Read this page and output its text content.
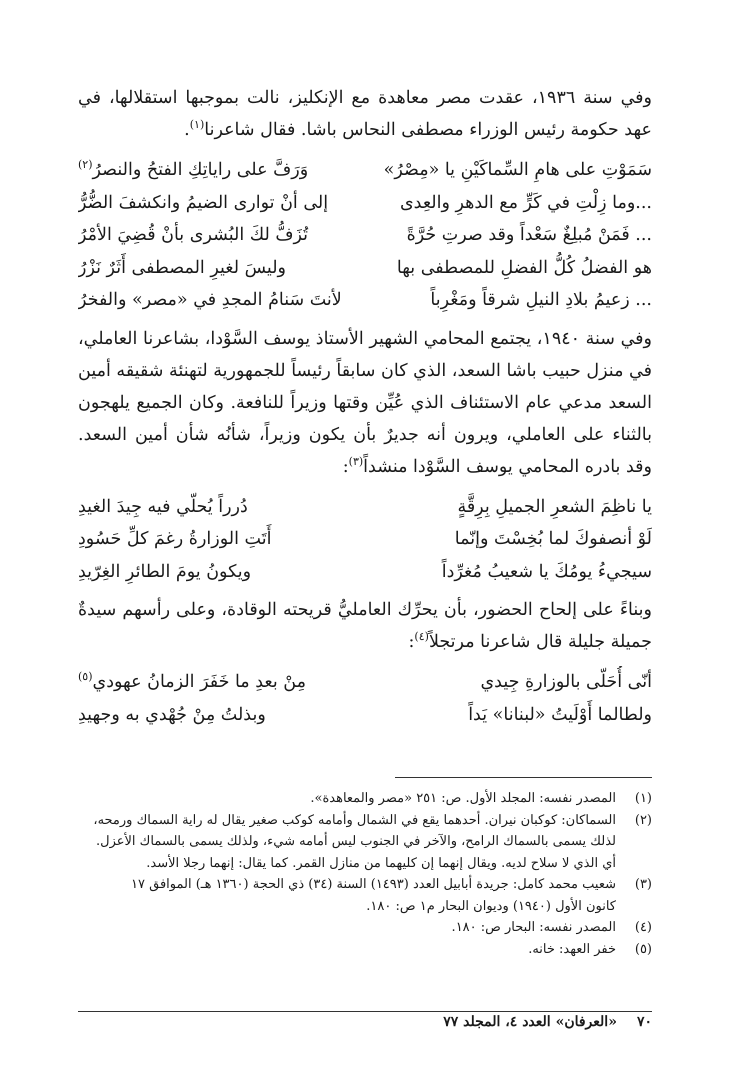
وفي سنة ١٩٣٦، عقدت مصر معاهدة مع الإنكليز، نالت بموجبها استقلالها، في عهد حكومة رئيس الوزراء مصطفى النحاس باشا. فقال شاعرنا$^{(١)}$.

سَمَوْتِ على هامِ السِّماكَيْنِ يا «مِصْرُ»
وَرَفَّ على راياتِكِ الفتحُ والنصرُ$^{(٢)}$
...وما زِلْتِ في كَرٍّ مع الدهرِ والعِدى
إلى أنْ توارى الضيمُ وانكشفَ الضُّرُّ
... فَمَنْ مُبلِغٌ سَعْداً وقد صرتِ حُرَّةً
تُزَفُّ لكَ البُشرى بأنْ قُضِيَ الأمْرُ
هو الفضلُ كُلُّ الفضلِ للمصطفى بها
وليسَ لغيرِ المصطفى أَثَرٌ نَزْرُ
... زعيمُ بلادِ النيلِ شرقاً ومَغْرِباً
لأنتَ سَنامُ المجدِ في «مصر» والفخرُ

وفي سنة ١٩٤٠، يجتمع المحامي الشهير الأستاذ يوسف السَّوْدا، بشاعرنا العاملي، في منزل حبيب باشا السعد، الذي كان سابقاً رئيساً للجمهورية لتهنئة شقيقه أمين السعد مدعي عام الاستئناف الذي عُيِّن وقتها وزيراً للنافعة. وكان الجميع يلهجون بالثناء على العاملي، ويرون أنه جديرٌ بأن يكون وزيراً، شأنُه شأن أمين السعد. وقد بادره المحامي يوسف السَّوْدا منشداً$^{(٣)}$:

يا ناظِمَ الشعرِ الجميلِ بِرِقَّةٍ
دُرراً يُحلّي فيه جِيدَ الغيدِ
لَوْ أنصفوكَ لما بُخِسْتَ وإنّما
أَتَتِ الوزارةُ رغمَ كلِّ حَسُودِ
سيجيءُ يومُكَ يا شعيبُ مُغرِّداً
ويكونُ يومَ الطائرِ الغِرّيدِ

وبناءً على إلحاح الحضور، بأن يحرِّك العامليُّ قريحته الوقادة، وعلى رأسهم سيدةٌ جميلة جليلة قال شاعرنا مرتجلاً$^{(٤)}$:

أنّى أُحَلّى بالوزارةِ جِيدي
مِنْ بعدِ ما خَفَرَ الزمانُ عهودي$^{(٥)}$
ولطالما أَوْلَيتُ «لبنانا» يَداً
وبذلتُ مِنْ جُهْدي به وجهيدِ
(١)
المصدر نفسه: المجلد الأول. ص: ٢٥١ «مصر والمعاهدة».
(٢)
السماكان: كوكبان نيران. أحدهما يقع في الشمال وأمامه كوكب صغير يقال له راية السماك ورمحه،
لذلك يسمى بالسماك الرامح، والآخر في الجنوب ليس أمامه شيء، ولذلك يسمى بالسماك الأعزل.
أي الذي لا سلاح لديه. ويقال إنهما إن كليهما من منازل القمر. كما يقال: إنهما رجلا الأسد.
(٣)
شعيب محمد كامل: جريدة أبابيل العدد (١٤٩٣) السنة (٣٤) ذي الحجة (١٣٦٠ هـ) الموافق ١٧
كانون الأول (١٩٤٠) وديوان البحار م١ ص: ١٨٠.
(٤)
المصدر نفسه: البحار ص: ١٨٠.
(٥)
خفر العهد: خانه.
٧٠
«العرفان» العدد ٤، المجلد ٧٧
